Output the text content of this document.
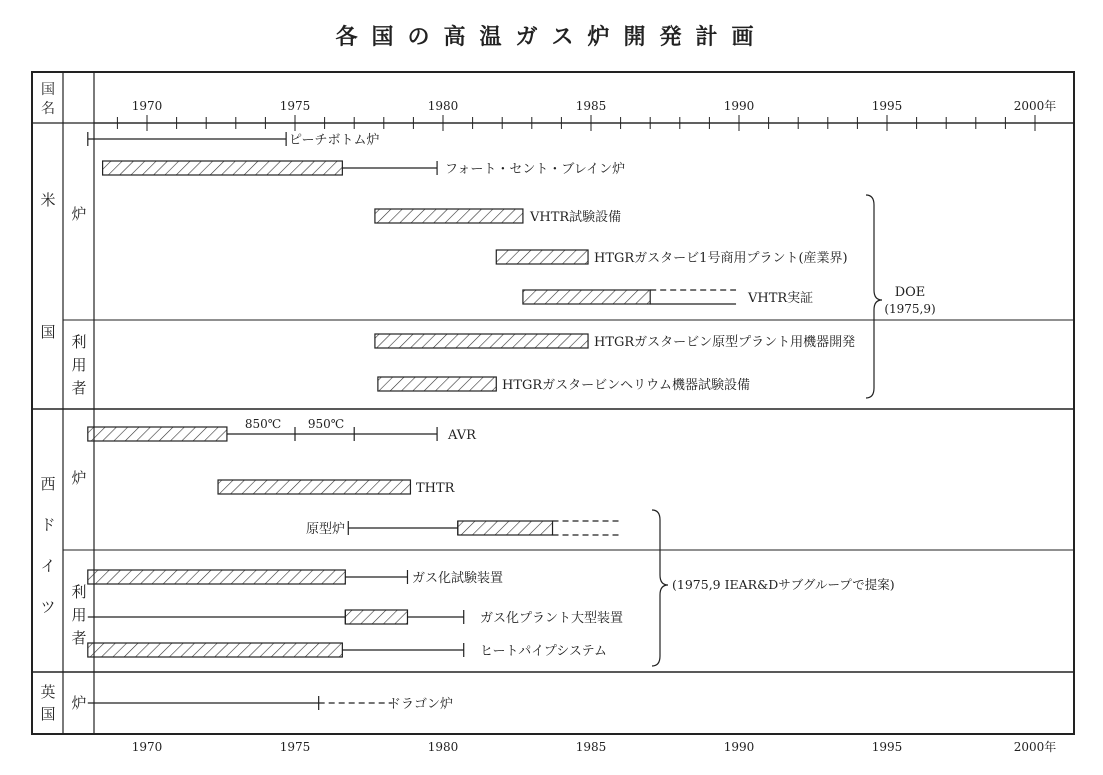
各国の高温ガス炉開発計画
1970	1975	1980	1985	1990	1995	2000年
1970	1975	1980	1985	1990	1995	2000年
国
名
米
国
西
ド
イ
ツ
英
国
炉
利
用
者
炉
利
用
者
炉
ピーチボトム炉
フォート・セント・ブレイン炉
VHTR試験設備
HTGRガスタービ1号商用プラント(産業界)
VHTR実証
HTGRガスタービン原型プラント用機器開発
HTGRガスタービンヘリウム機器試験設備
AVR
THTR
原型炉
ガス化試験装置
ガス化プラント大型装置
ヒートパイプシステム
ドラゴン炉
850℃ 950℃
DOE
(1975,9)
(1975,9 IEAR&Dサブグループで提案)
